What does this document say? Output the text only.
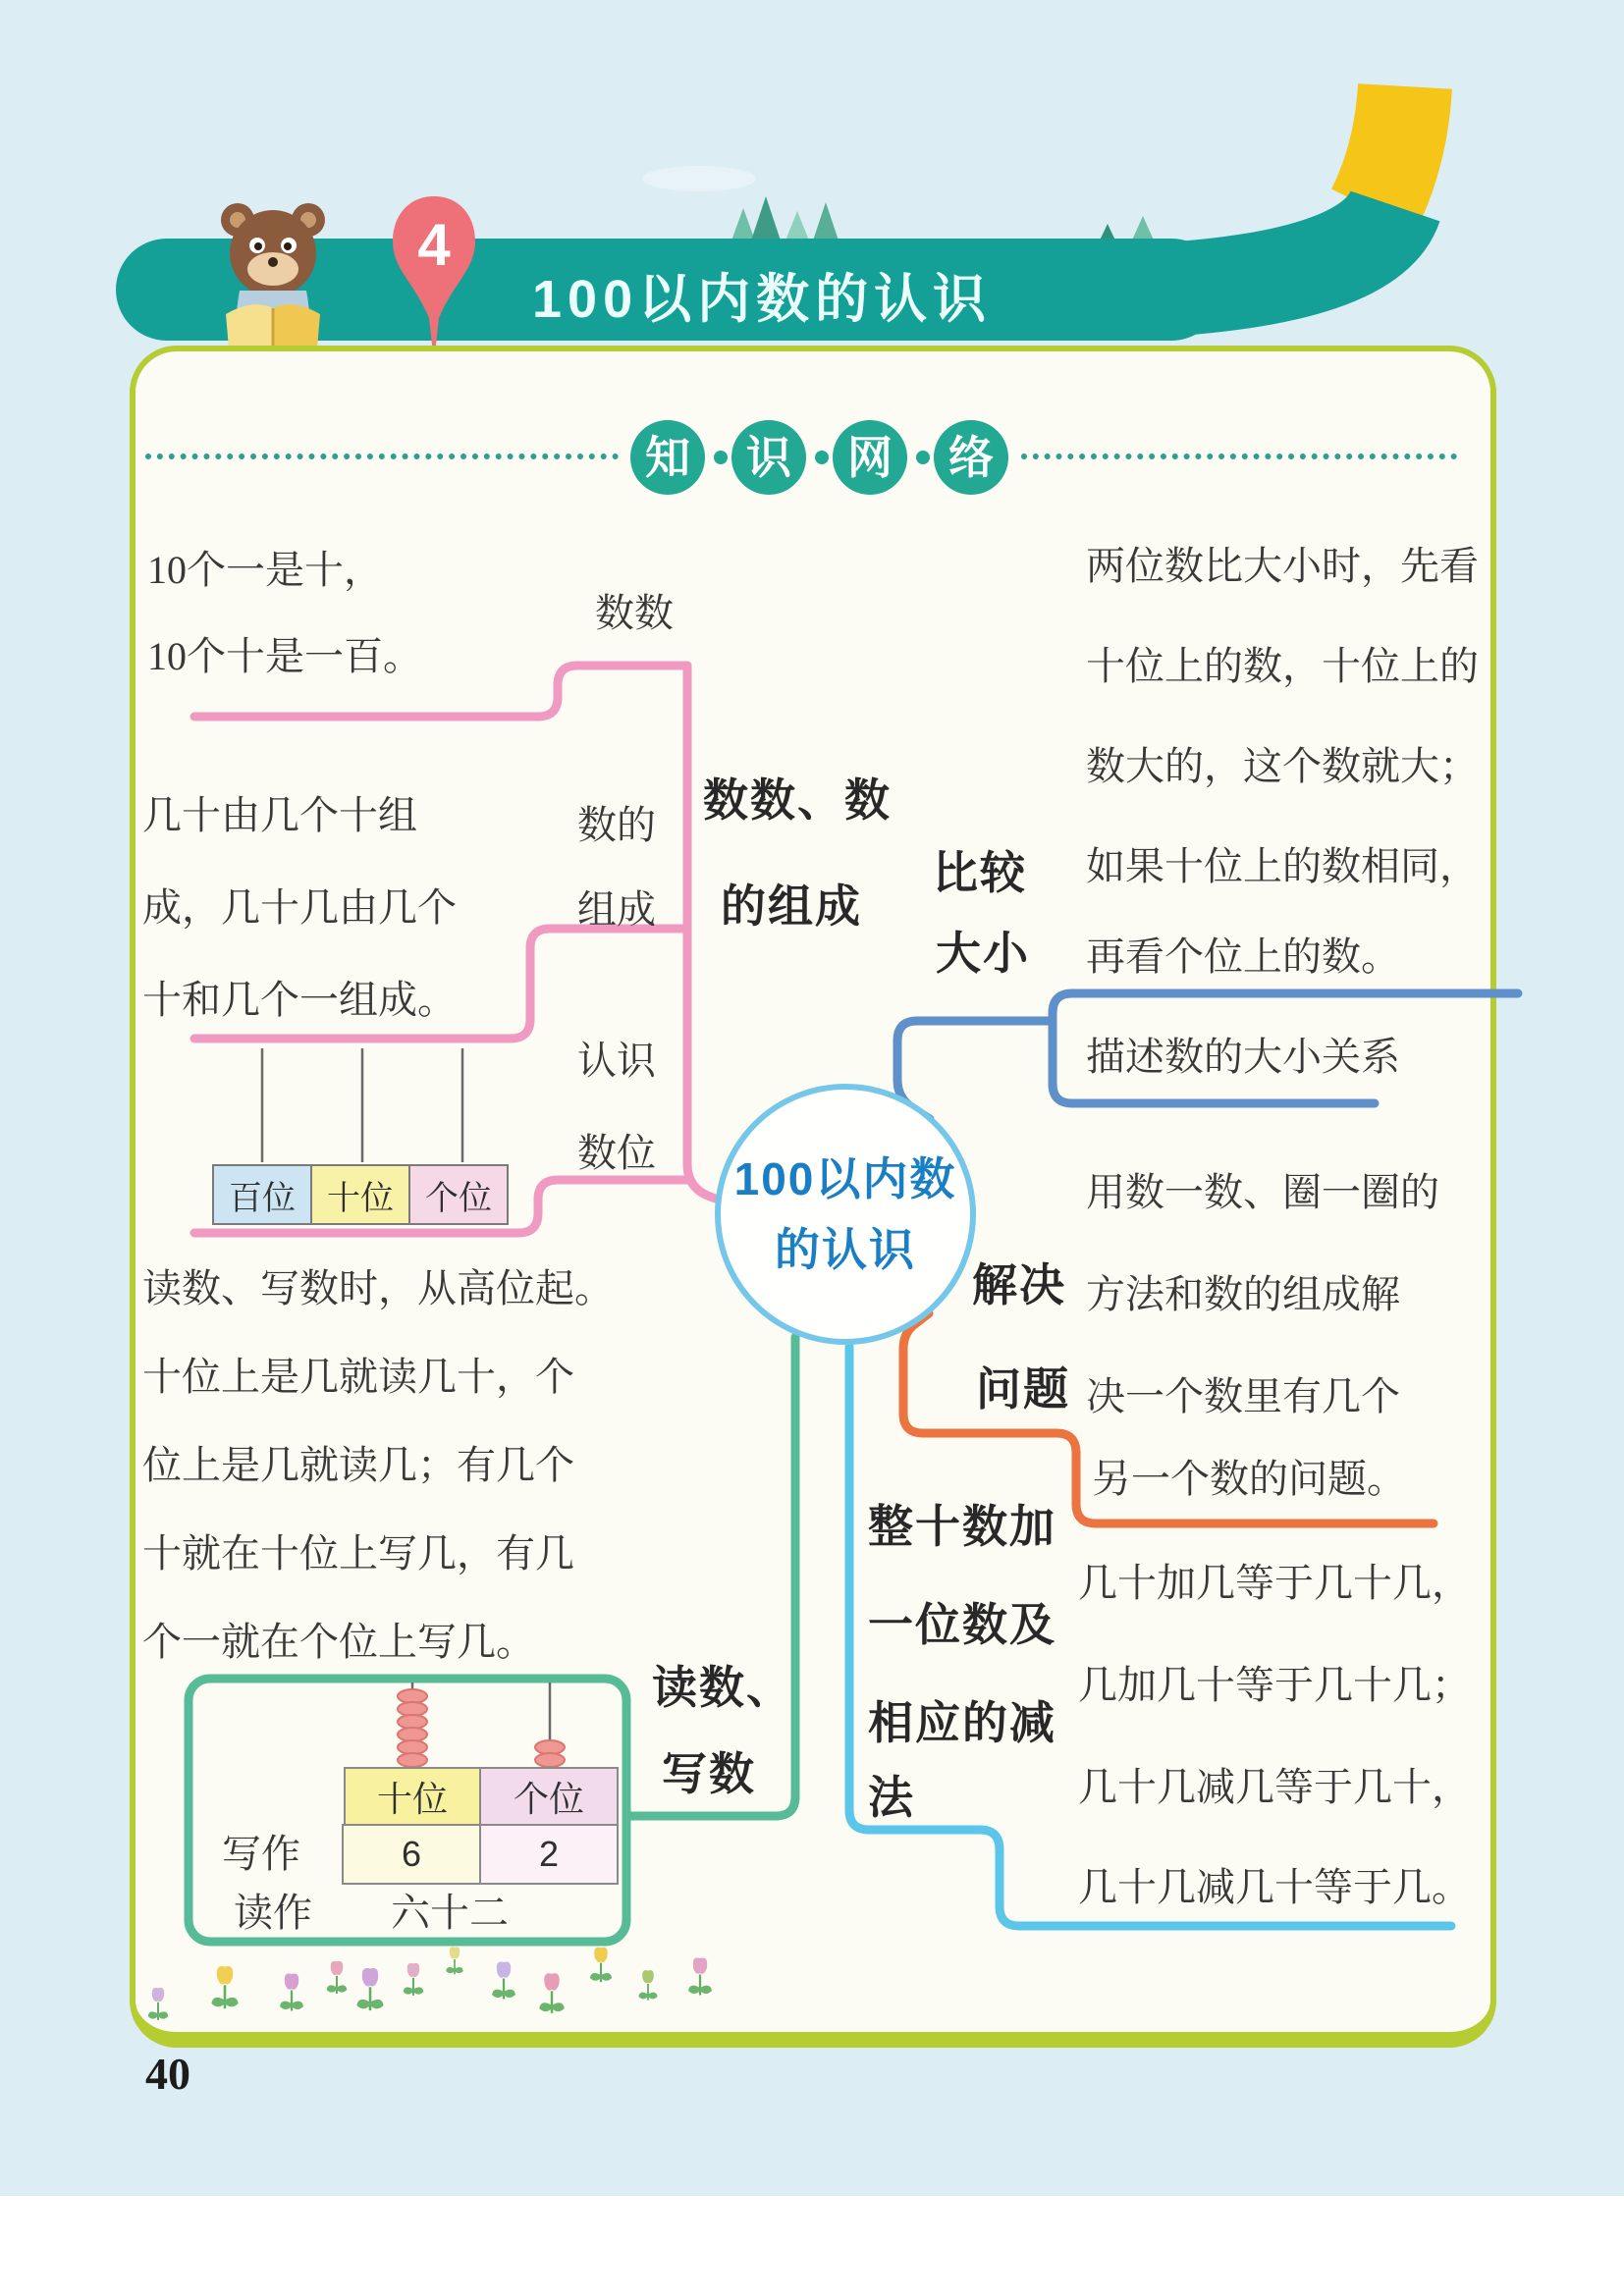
4
100以内数的认识
知	识	网	络
10个一是十，
10个十是一百。
数数
几十由几个十组
成，几十几由几个
十和几个一组成。
数的
组成
数数、数
的组成
认识
数位
百位 十位 个位
读数、写数时，从高位起。
十位上是几就读几十，个
位上是几就读几；有几个
十就在十位上写几，有几
个一就在个位上写几。
两位数比大小时，先看
十位上的数，十位上的
数大的，这个数就大；
如果十位上的数相同，
再看个位上的数。
比较
大小
描述数的大小关系
解决
问题
用数一数、圈一圈的
方法和数的组成解
决一个数里有几个
另一个数的问题。
读数、
写数
十位	个位
6	2
写作
读作 六十二
整十数加
一位数及
相应的减
法
几十加几等于几十几，
几加几十等于几十几；
几十几减几等于几十，
几十几减几十等于几。
100以内数
的认识
40
